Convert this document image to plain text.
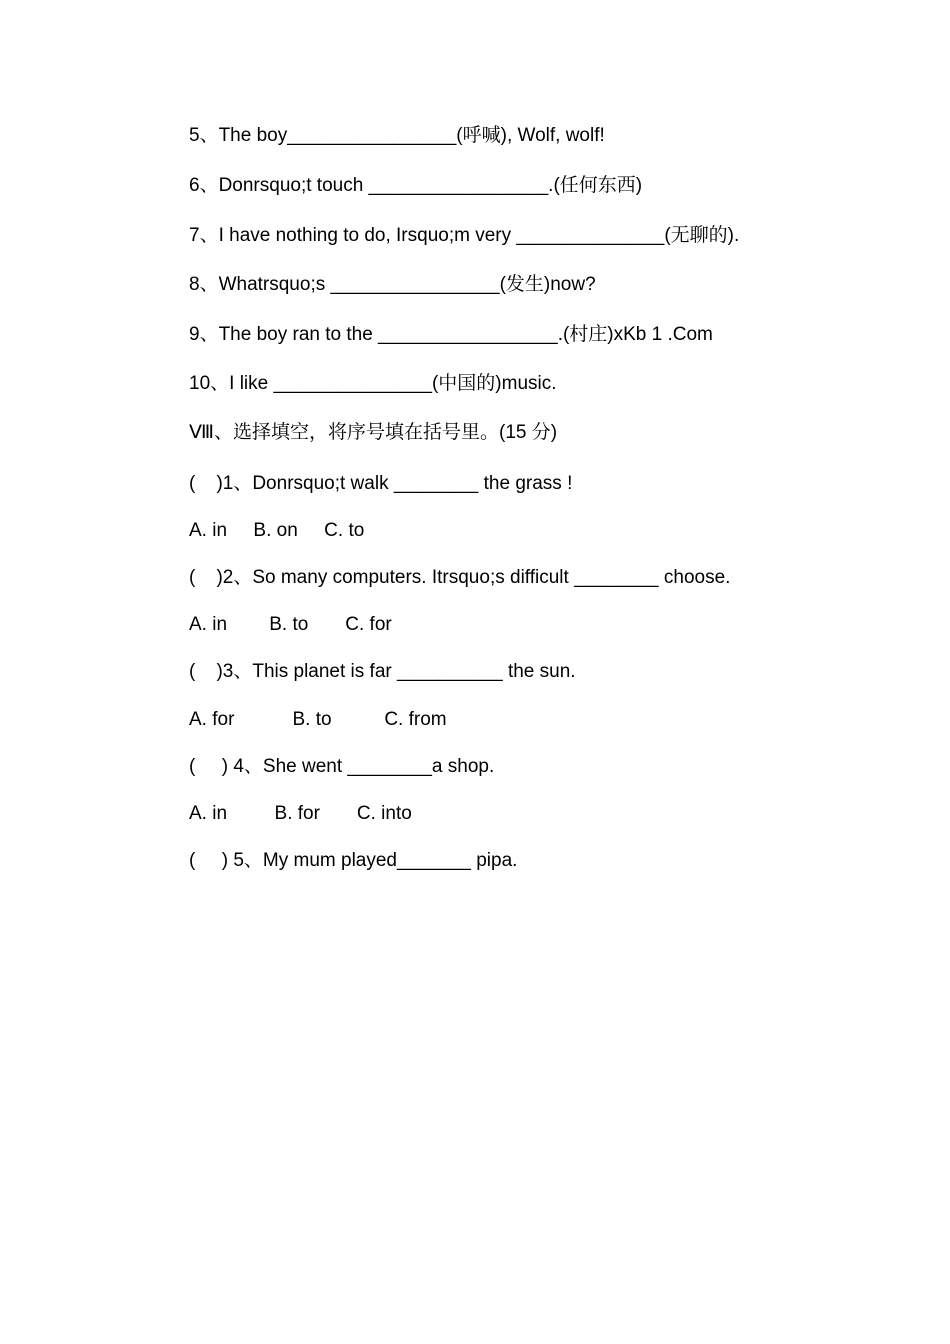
5、The boy________________(呼喊), Wolf, wolf!
6、Donrsquo;t touch _________________.(任何东西)
7、I have nothing to do, Irsquo;m very ______________(无聊的).
8、Whatrsquo;s ________________(发生)now?
9、The boy ran to the _________________.(村庄)xKb 1 .Com
10、I like _______________(中国的)music.
Ⅷ、选择填空，将序号填在括号里。(15 分)
(    )1、Donrsquo;t walk ________ the grass !
A. in     B. on     C. to
(    )2、So many computers. Itrsquo;s difficult ________ choose.
A. in        B. to       C. for
(    )3、This planet is far __________ the sun.
A. for           B. to          C. from
(     ) 4、She went ________a shop.
A. in         B. for       C. into
(     ) 5、My mum played_______ pipa.
